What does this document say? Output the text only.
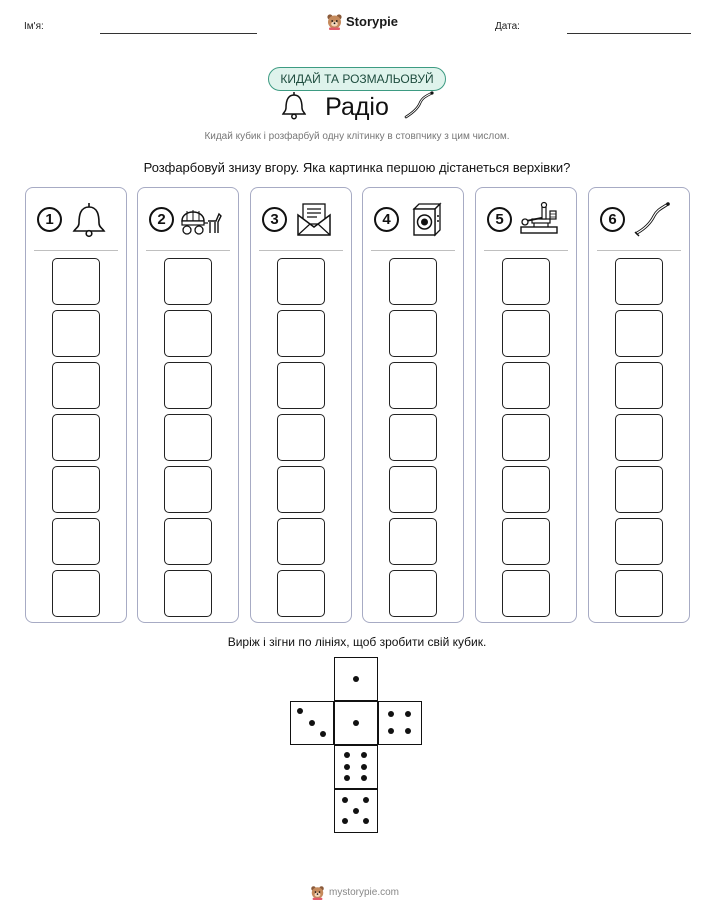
Ім'я:	Storypie	Дата:
КИДАЙ ТА РОЗМАЛЬОВУЙ
Радіо
Кидай кубик і розфарбуй одну клітинку в стовпчику з цим числом.
Розфарбовуй знизу вгору. Яка картинка першою дістанеться верхівки?
1	2	3	4	5	6
Виріж і зігни по лініях, щоб зробити свій кубик.
mystorypie.com
